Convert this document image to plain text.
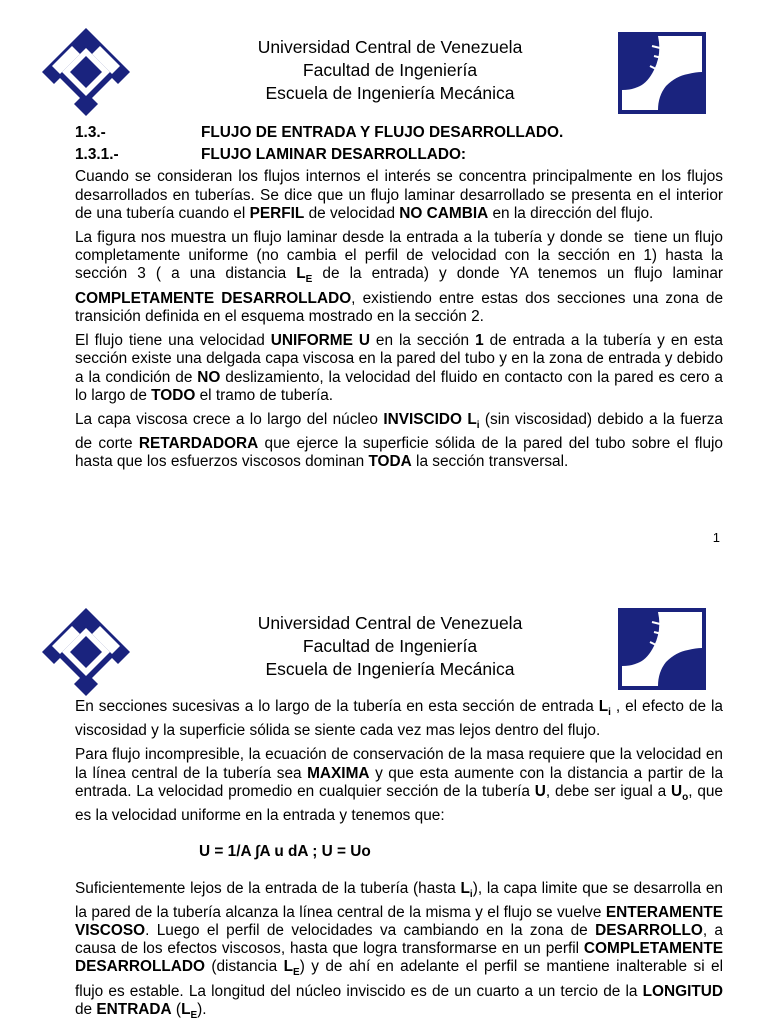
Universidad Central de Venezuela
Facultad de Ingeniería
Escuela de Ingeniería Mecánica
1.3.-	FLUJO DE ENTRADA Y FLUJO DESARROLLADO.
1.3.1.-	FLUJO LAMINAR DESARROLLADO:

Cuando se consideran los flujos internos el interés se concentra principalmente en los flujos desarrollados en tuberías. Se dice que un flujo laminar desarrollado se presenta en el interior de una tubería cuando el PERFIL de velocidad NO CAMBIA en la dirección del flujo.

La figura nos muestra un flujo laminar desde la entrada a la tubería y donde se  tiene un flujo completamente uniforme (no cambia el perfil de velocidad con la sección en 1) hasta la sección 3 ( a una distancia $L_E$ de la entrada) y donde YA tenemos un flujo laminar COMPLETAMENTE DESARROLLADO, existiendo entre estas dos secciones una zona de transición definida en el esquema mostrado en la sección 2.

El flujo tiene una velocidad UNIFORME U en la sección 1 de entrada a la tubería y en esta sección existe una delgada capa viscosa en la pared del tubo y en la zona de entrada y debido a la condición de NO deslizamiento, la velocidad del fluido en contacto con la pared es cero a lo largo de TODO el tramo de tubería.

La capa viscosa crece a lo largo del núcleo INVISCIDO $L_i$ (sin viscosidad) debido a la fuerza de corte RETARDADORA que ejerce la superficie sólida de la pared del tubo sobre el flujo hasta que los esfuerzos viscosos dominan TODA la sección transversal.

1
Universidad Central de Venezuela
Facultad de Ingeniería
Escuela de Ingeniería Mecánica

En secciones sucesivas a lo largo de la tubería en esta sección de entrada $L_i$ , el efecto de la viscosidad y la superficie sólida se siente cada vez mas lejos dentro del flujo.

Para flujo incompresible, la ecuación de conservación de la masa requiere que la velocidad en la línea central de la tubería sea MAXIMA y que esta aumente con la distancia a partir de la entrada. La velocidad promedio en cualquier sección de la tubería U, debe ser igual a $U_o$, que es la velocidad uniforme en la entrada y tenemos que:

U = 1/A ∫A u dA ; U = Uo

Suficientemente lejos de la entrada de la tubería (hasta $L_i$), la capa limite que se desarrolla en la pared de la tubería alcanza la línea central de la misma y el flujo se vuelve ENTERAMENTE VISCOSO. Luego el perfil de velocidades va cambiando en la zona de DESARROLLO, a causa de los efectos viscosos, hasta que logra transformarse en un perfil COMPLETAMENTE DESARROLLADO (distancia $L_E$) y de ahí en adelante el perfil se mantiene inalterable si el flujo es estable. La longitud del núcleo inviscido es de un cuarto a un tercio de la LONGITUD de ENTRADA $(L_E)$.
